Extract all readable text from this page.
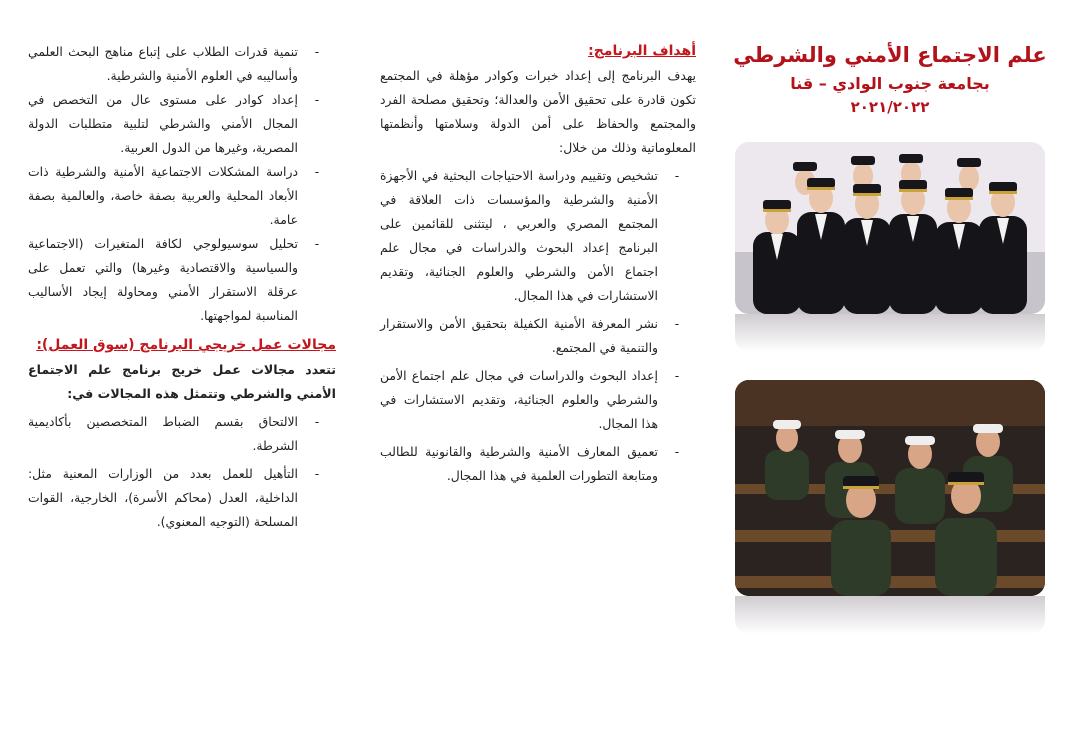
علم الاجتماع الأمني والشرطي

بجامعة جنوب الوادي – قنا

٢٠٢١/٢٠٢٢

أهداف البرنامج:

يهدف البرنامج إلى إعداد خبرات وكوادر مؤهلة في المجتمع تكون قادرة على تحقيق الأمن والعدالة؛ وتحقيق مصلحة الفرد والمجتمع والحفاظ على أمن الدولة وسلامتها وأنظمتها المعلوماتية وذلك من خلال:

-
تشخيص وتقييم ودراسة الاحتياجات البحثية في الأجهزة الأمنية والشرطية والمؤسسات ذات العلاقة في المجتمع المصري والعربي ، ليتثنى للقائمين على البرنامج إعداد البحوث والدراسات في مجال علم اجتماع الأمن والشرطي والعلوم الجنائية، وتقديم الاستشارات في هذا المجال.
-
نشر المعرفة الأمنية الكفيلة بتحقيق الأمن والاستقرار والتنمية في المجتمع.
-
إعداد البحوث والدراسات في مجال علم اجتماع الأمن والشرطي والعلوم الجنائية، وتقديم الاستشارات في هذا المجال.
-
تعميق المعارف الأمنية والشرطية والقانونية للطالب ومتابعة التطورات العلمية في هذا المجال.
-
تنمية قدرات الطلاب على إتباع مناهج البحث العلمي وأساليبه في العلوم الأمنية والشرطية.
-
إعداد كوادر على مستوى عال من التخصص في المجال الأمني والشرطي لتلبية متطلبات الدولة المصرية، وغيرها من الدول العربية.
-
دراسة المشكلات الاجتماعية الأمنية والشرطية ذات الأبعاد المحلية والعربية بصفة خاصة، والعالمية بصفة عامة.
-
تحليل سوسيولوجي لكافة المتغيرات (الاجتماعية والسياسية والاقتصادية وغيرها) والتي تعمل على عرقلة الاستقرار الأمني ومحاولة إيجاد الأساليب المناسبة لمواجهتها.

مجالات عمل خريجي البرنامج (سوق العمل):

تتعدد مجالات عمل خريج برنامج علم الاجتماع الأمني والشرطي وتتمثل هذه المجالات في:

-
الالتحاق بقسم الضباط المتخصصين بأكاديمية الشرطة.
-
التأهيل للعمل بعدد من الوزارات المعنية مثل: الداخلية، العدل (محاكم الأسرة)، الخارجية، القوات المسلحة (التوجيه المعنوي).
